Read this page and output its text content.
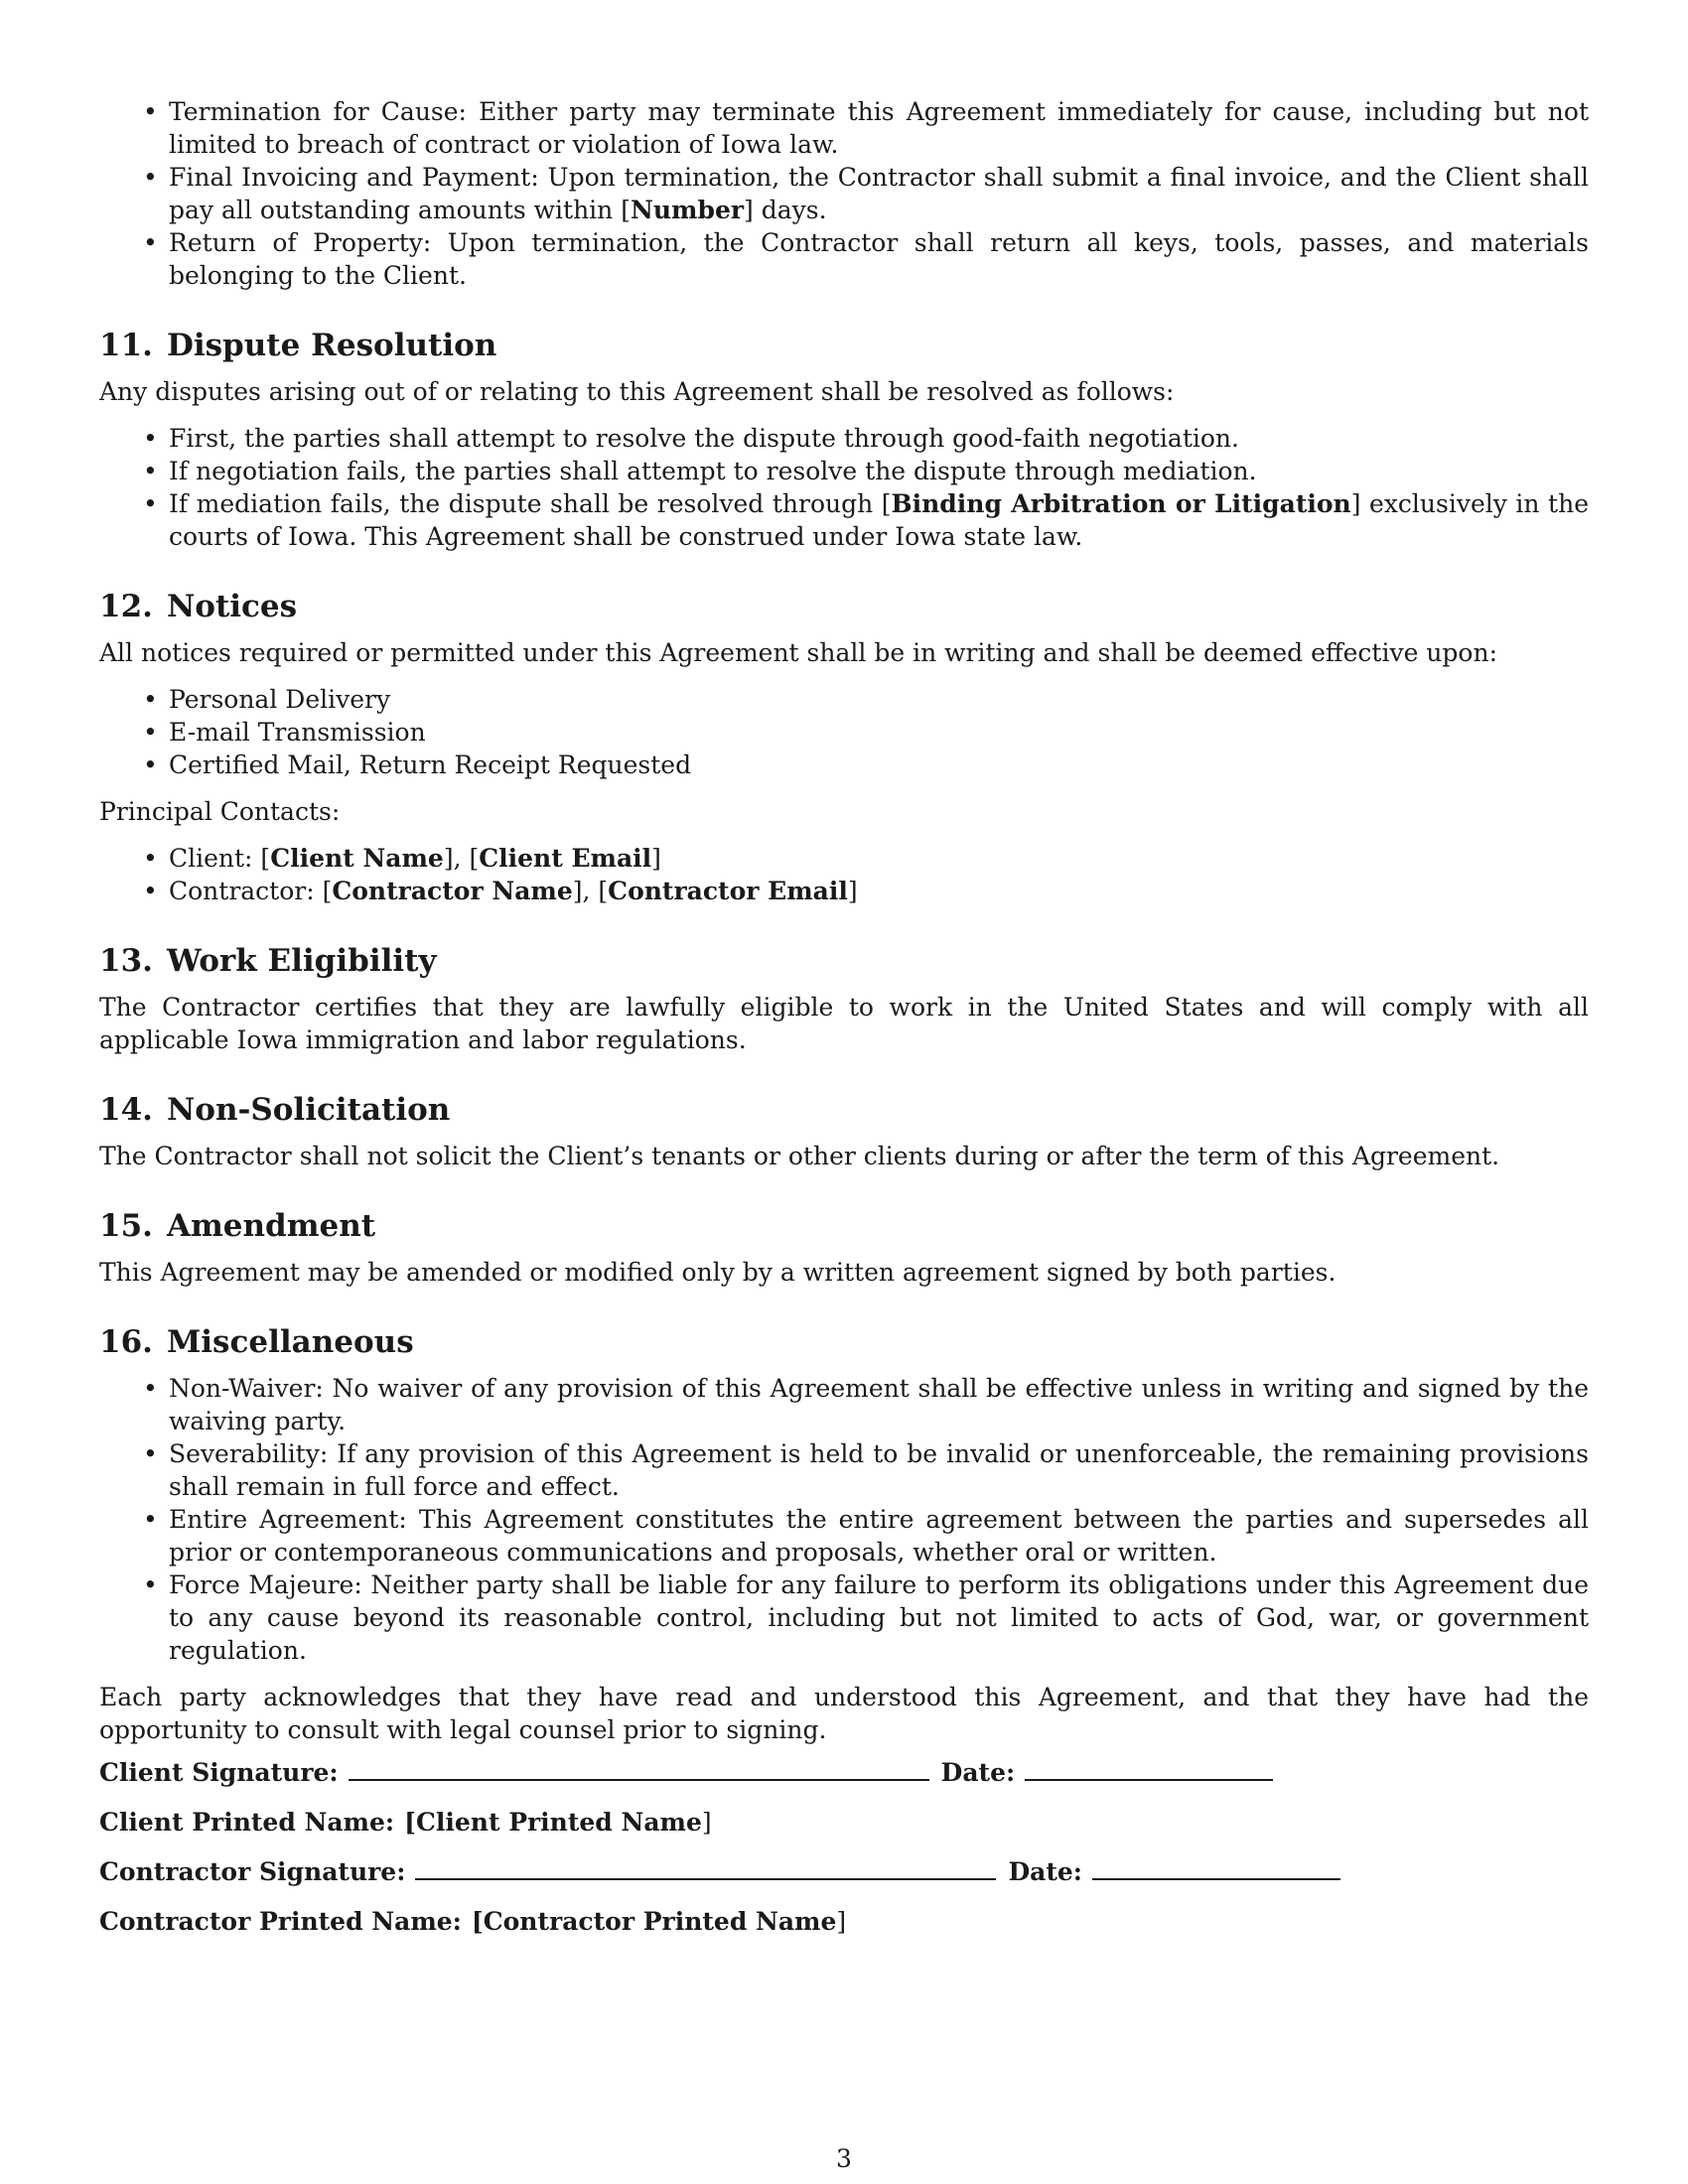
• Termination for Cause: Either party may terminate this Agreement immediately for cause, including but not limited to breach of contract or violation of Iowa law.
• Final Invoicing and Payment: Upon termination, the Contractor shall submit a final invoice, and the Client shall pay all outstanding amounts within [Number] days.
• Return of Property: Upon termination, the Contractor shall return all keys, tools, passes, and materials belonging to the Client.
11. Dispute Resolution

Any disputes arising out of or relating to this Agreement shall be resolved as follows:

• First, the parties shall attempt to resolve the dispute through good-faith negotiation.
• If negotiation fails, the parties shall attempt to resolve the dispute through mediation.
• If mediation fails, the dispute shall be resolved through [Binding Arbitration or Litigation] exclusively in the courts of Iowa. This Agreement shall be construed under Iowa state law.
12. Notices

All notices required or permitted under this Agreement shall be in writing and shall be deemed effective upon:

• Personal Delivery
• E-mail Transmission
• Certified Mail, Return Receipt Requested

Principal Contacts:

• Client: [Client Name], [Client Email]
• Contractor: [Contractor Name], [Contractor Email]
13. Work Eligibility

The Contractor certifies that they are lawfully eligible to work in the United States and will comply with all applicable Iowa immigration and labor regulations.

14. Non-Solicitation

The Contractor shall not solicit the Client’s tenants or other clients during or after the term of this Agreement.

15. Amendment

This Agreement may be amended or modified only by a written agreement signed by both parties.

16. Miscellaneous
• Non-Waiver: No waiver of any provision of this Agreement shall be effective unless in writing and signed by the waiving party.
• Severability: If any provision of this Agreement is held to be invalid or unenforceable, the remaining provisions shall remain in full force and effect.
• Entire Agreement: This Agreement constitutes the entire agreement between the parties and supersedes all prior or contemporaneous communications and proposals, whether oral or written.
• Force Majeure: Neither party shall be liable for any failure to perform its obligations under this Agreement due to any cause beyond its reasonable control, including but not limited to acts of God, war, or government regulation.

Each party acknowledges that they have read and understood this Agreement, and that they have had the opportunity to consult with legal counsel prior to signing.

Client Signature:	Date:
Client Printed Name: [Client Printed Name ]
Contractor Signature:	Date:
Contractor Printed Name: [Contractor Printed Name ]
3
